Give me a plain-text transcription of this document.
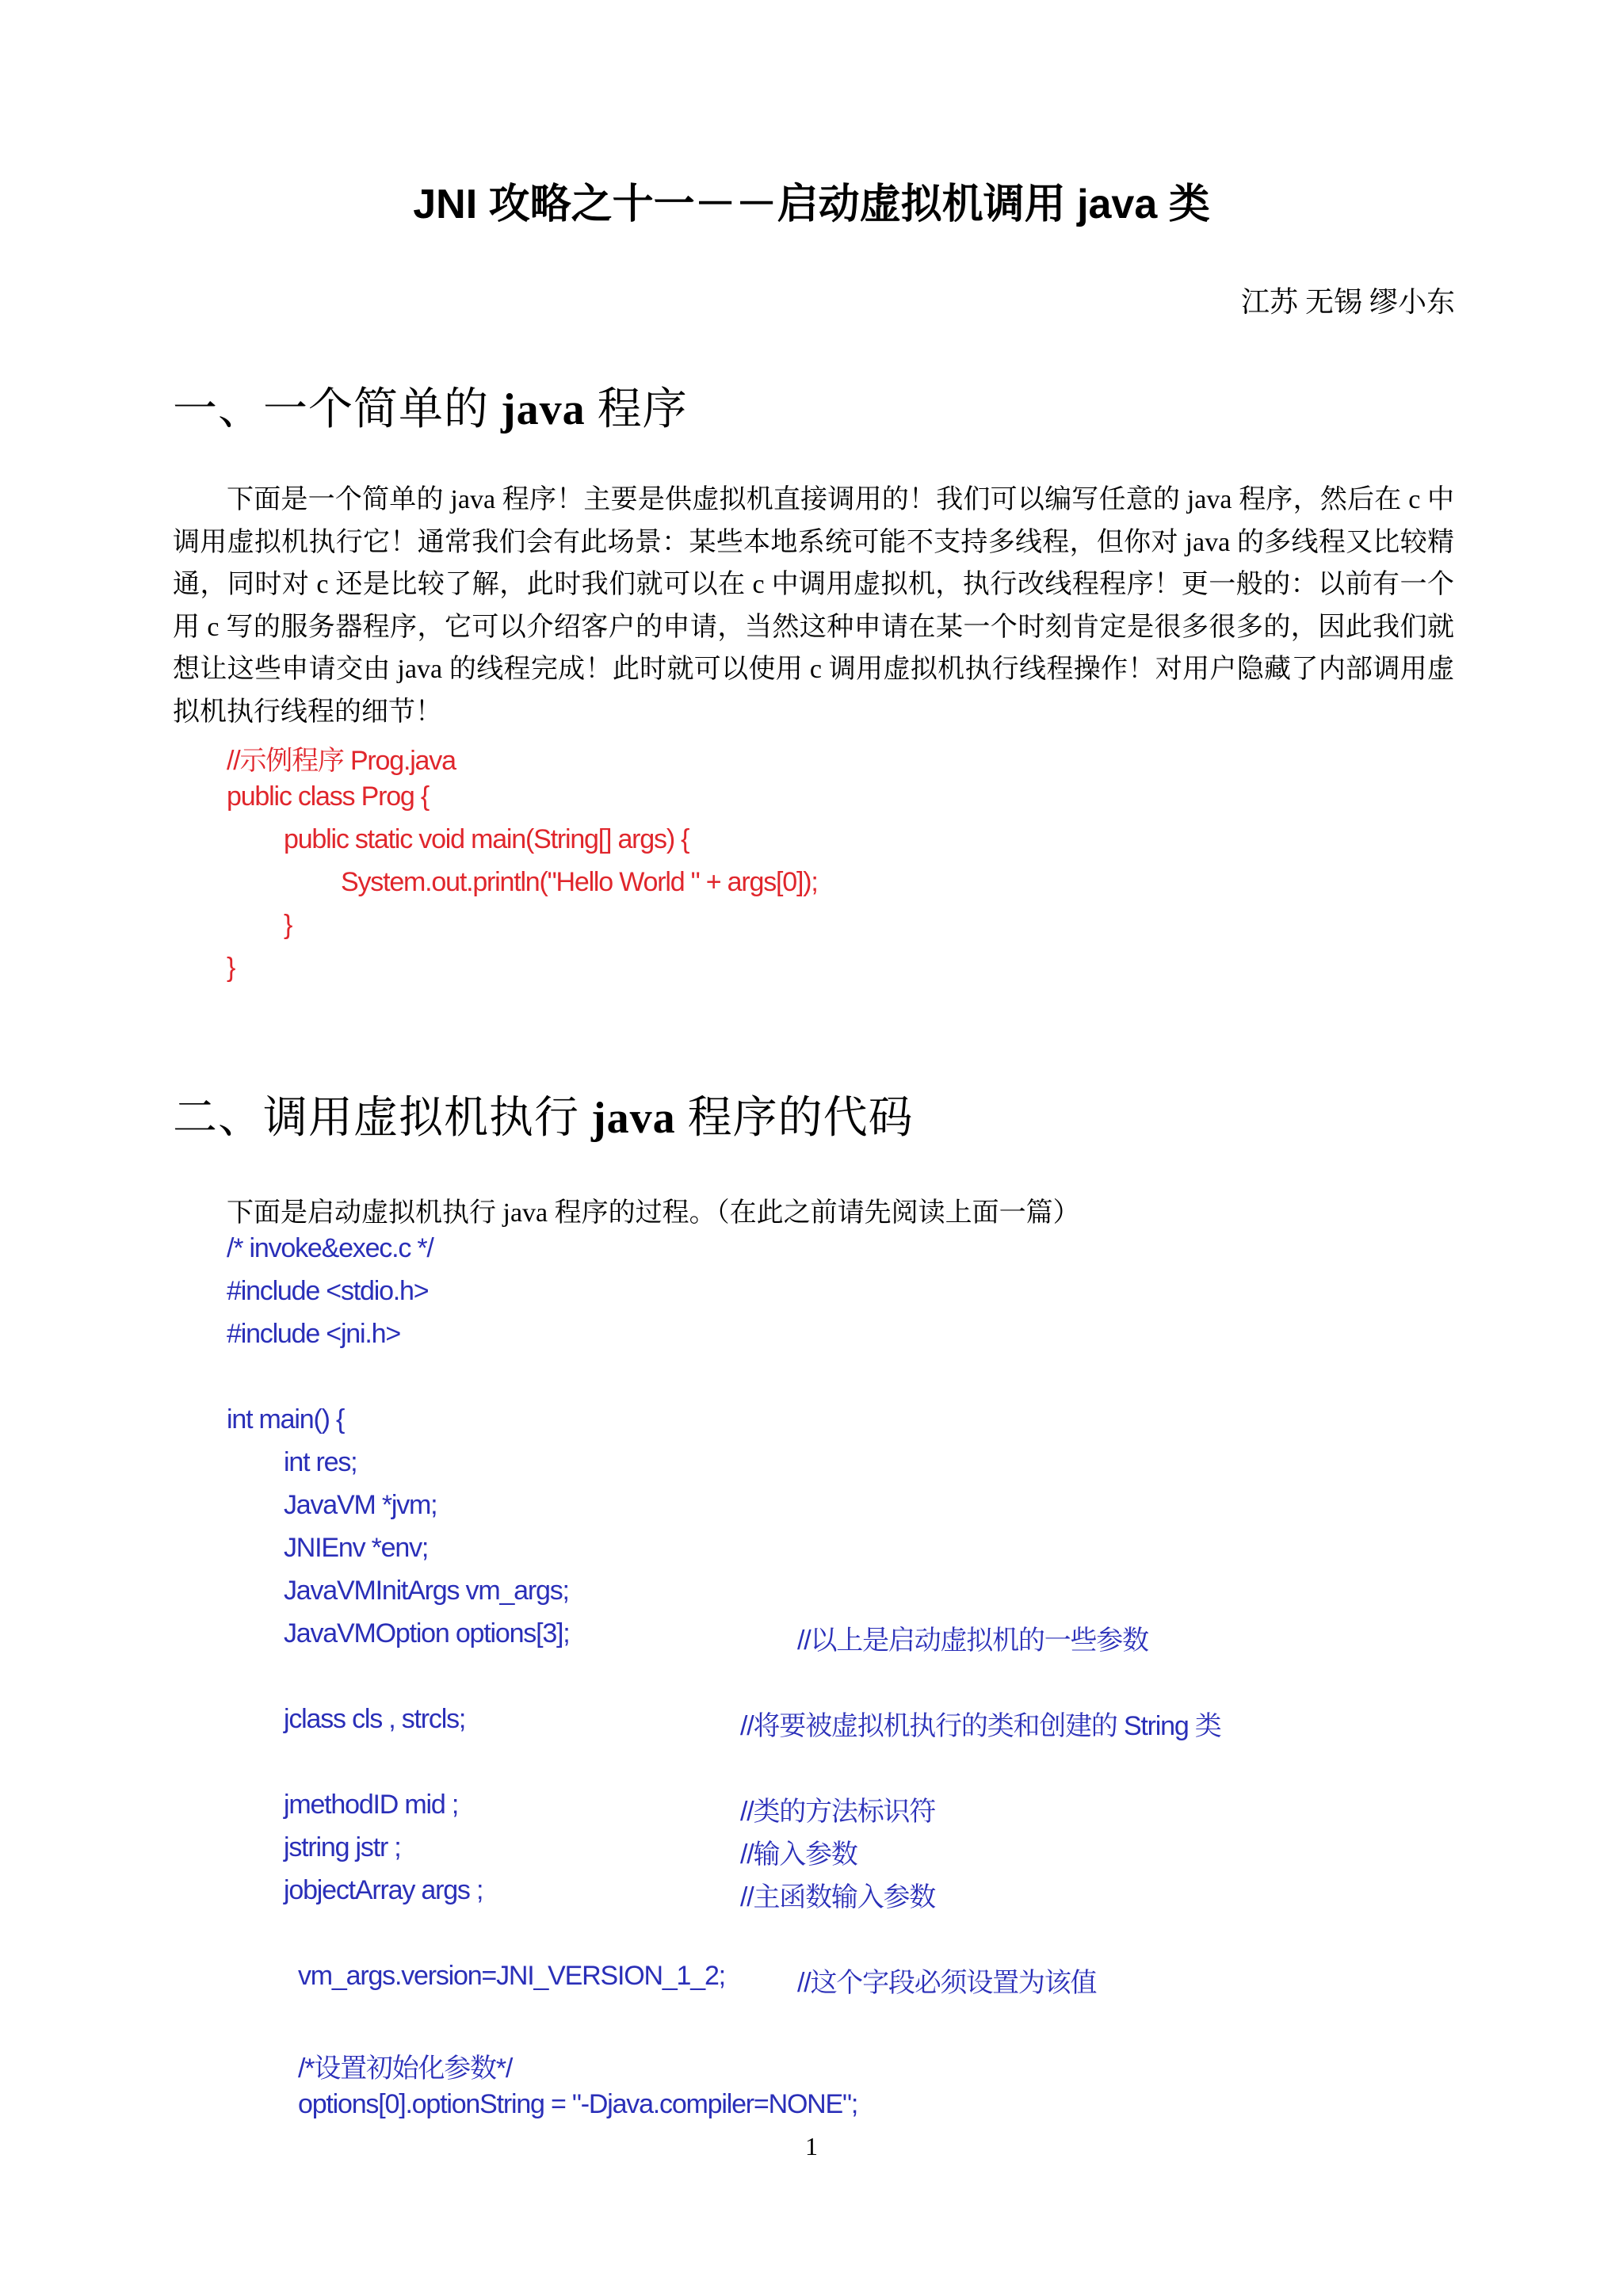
JNI 攻略之十一－－启动虚拟机调用 java 类
江苏 无锡 缪小东
一、一个简单的 java 程序

下面是一个简单的 java 程序！主要是供虚拟机直接调用的！我们可以编写任意的 java 程序，然后在 c 中调用虚拟机执行它！通常我们会有此场景：某些本地系统可能不支持多线程，但你对 java 的多线程又比较精通，同时对 c 还是比较了解，此时我们就可以在 c 中调用虚拟机，执行改线程程序！更一般的：以前有一个用 c 写的服务器程序，它可以介绍客户的申请，当然这种申请在某一个时刻肯定是很多很多的，因此我们就想让这些申请交由 java 的线程完成！此时就可以使用 c 调用虚拟机执行线程操作！对用户隐藏了内部调用虚拟机执行线程的细节！

//示例程序 Prog.java
public class Prog {
public static void main(String[] args) {
System.out.println("Hello World " + args[0]);
}
}
二、调用虚拟机执行 java 程序的代码
下面是启动虚拟机执行 java 程序的过程。（在此之前请先阅读上面一篇）
/* invoke&exec.c */
#include <stdio.h>
#include <jni.h>
int main() {
int res;
JavaVM *jvm;
JNIEnv *env;
JavaVMInitArgs vm_args;
JavaVMOption options[3];	//以上是启动虚拟机的一些参数
jclass cls , strcls;	//将要被虚拟机执行的类和创建的 String 类
jmethodID mid ;	//类的方法标识符
jstring jstr ;	//输入参数
jobjectArray args ;	//主函数输入参数
vm_args.version=JNI_VERSION_1_2;	//这个字段必须设置为该值
/*设置初始化参数*/
options[0].optionString = "-Djava.compiler=NONE";
1
